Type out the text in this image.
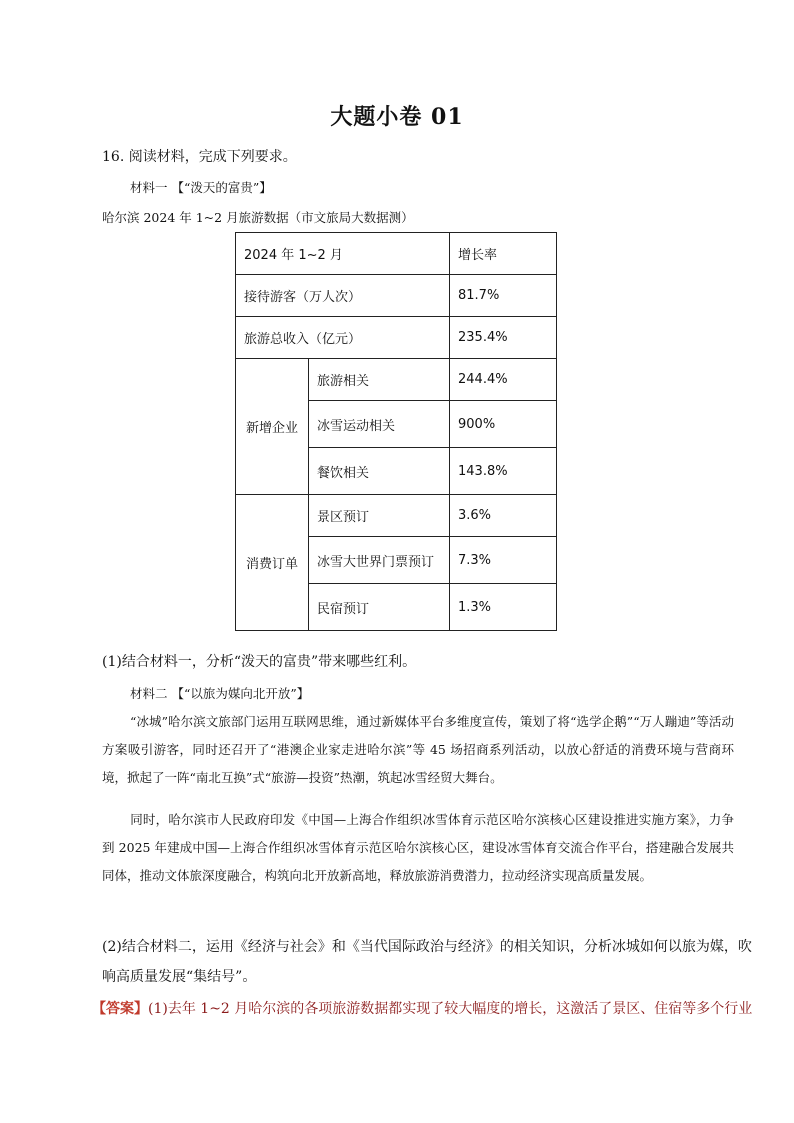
大题小卷 01
16. 阅读材料，完成下列要求。
材料一 【“泼天的富贵”】
哈尔滨 2024 年 1~2 月旅游数据（市文旅局大数据测）
2024 年 1~2 月		增长率
接待游客（万人次）		81.7%
旅游总收入（亿元）		235.4%
新增企业	旅游相关	244.4%
	冰雪运动相关	900%
	餐饮相关	143.8%
消费订单	景区预订	3.6%
	冰雪大世界门票预订	7.3%
	民宿预订	1.3%
(1)结合材料一，分析“泼天的富贵”带来哪些红利。
材料二 【“以旅为媒向北开放”】
“冰城”哈尔滨文旅部门运用互联网思维，通过新媒体平台多维度宣传，策划了将“选学企鹅”“万人蹦迪”等活动方案吸引游客，同时还召开了“港澳企业家走进哈尔滨”等 45 场招商系列活动，以放心舒适的消费环境与营商环境，掀起了一阵“南北互换”式“旅游—投资”热潮，筑起冰雪经贸大舞台。
同时，哈尔滨市人民政府印发《中国—上海合作组织冰雪体育示范区哈尔滨核心区建设推进实施方案》，力争到 2025 年建成中国—上海合作组织冰雪体育示范区哈尔滨核心区，建设冰雪体育交流合作平台，搭建融合发展共同体，推动文体旅深度融合，构筑向北开放新高地，释放旅游消费潜力，拉动经济实现高质量发展。
(2)结合材料二，运用《经济与社会》和《当代国际政治与经济》的相关知识，分析冰城如何以旅为媒，吹
响高质量发展“集结号”。
【答案】(1)去年 1~2 月哈尔滨的各项旅游数据都实现了较大幅度的增长，这激活了景区、住宿等多个行业
